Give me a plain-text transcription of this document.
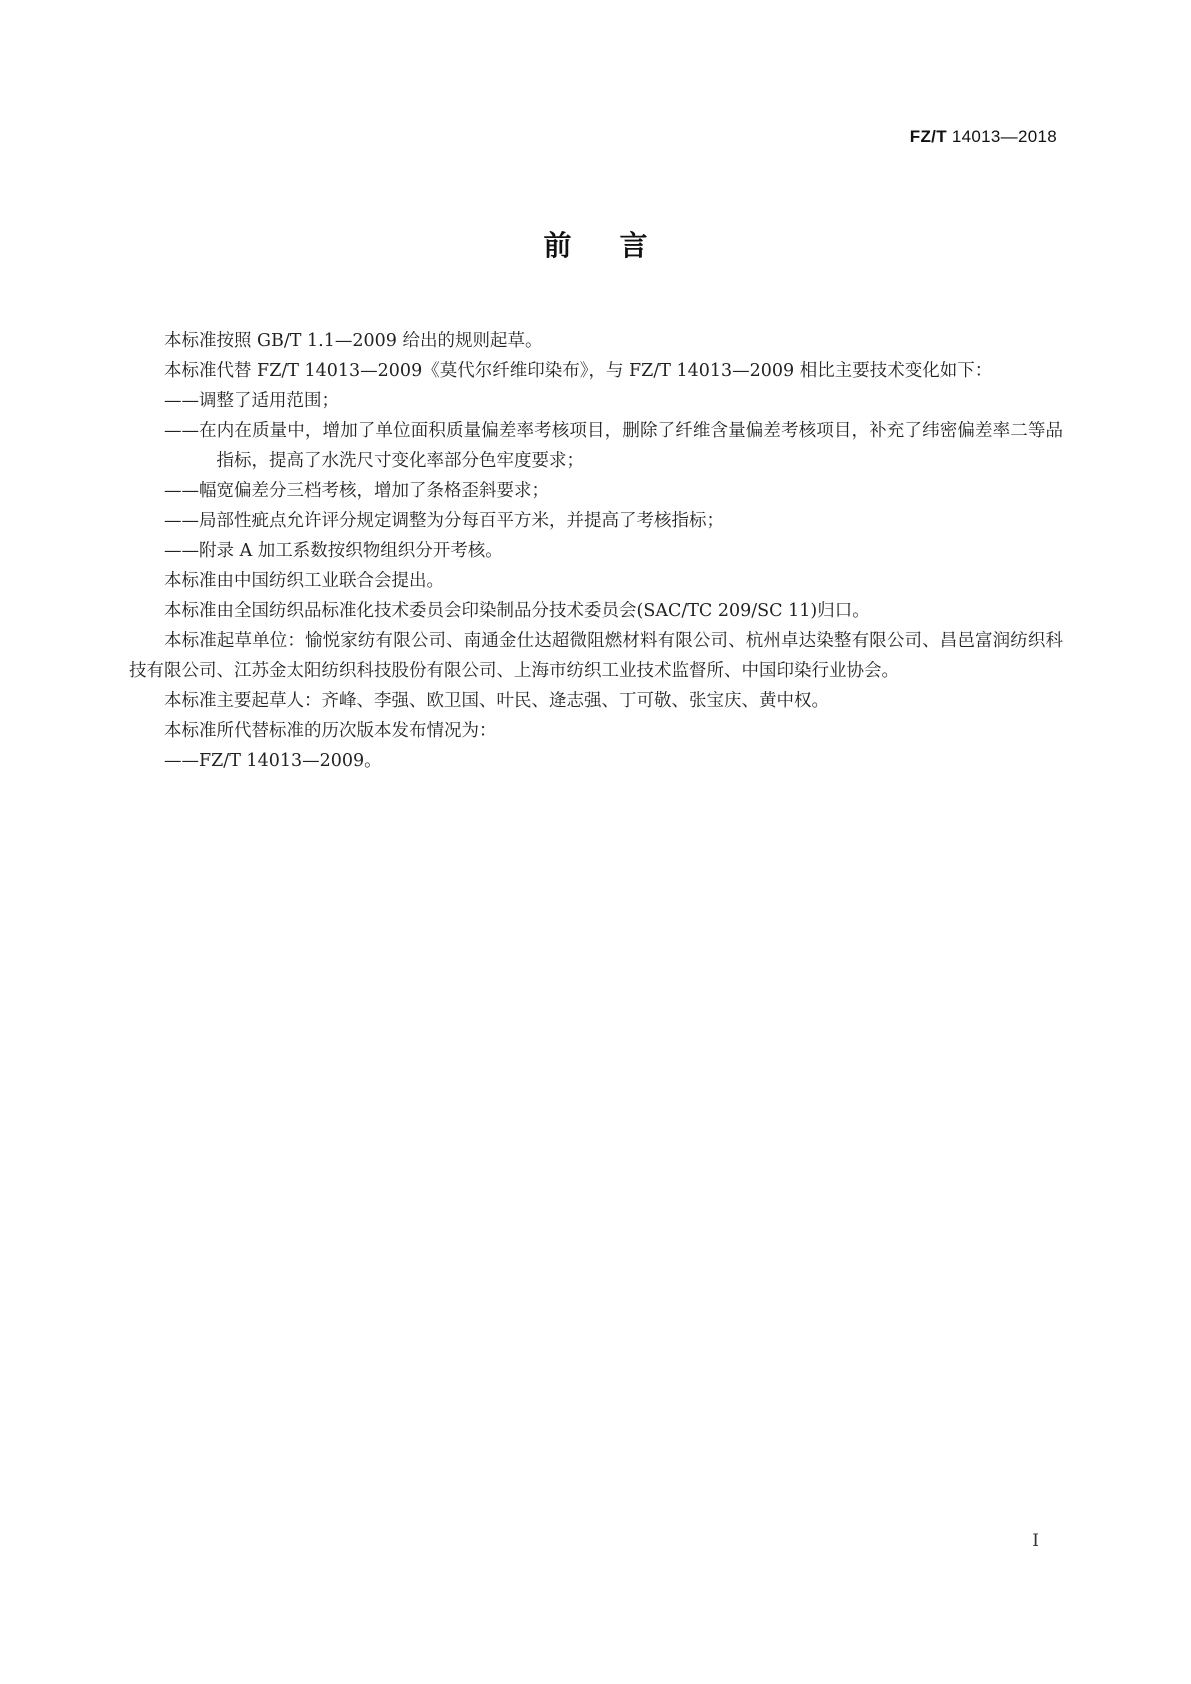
FZ/T 14013—2018
前言

本标准按照 GB/T 1.1—2009 给出的规则起草。

本标准代替 FZ/T 14013—2009《莫代尔纤维印染布》，与 FZ/T 14013—2009 相比主要技术变化如下：

——调整了适用范围；

——在内在质量中，增加了单位面积质量偏差率考核项目，删除了纤维含量偏差考核项目，补充了纬密偏差率二等品指标，提高了水洗尺寸变化率部分色牢度要求；

——幅宽偏差分三档考核，增加了条格歪斜要求；

——局部性疵点允许评分规定调整为分每百平方米，并提高了考核指标；

——附录 A 加工系数按织物组织分开考核。

本标准由中国纺织工业联合会提出。

本标准由全国纺织品标准化技术委员会印染制品分技术委员会(SAC/TC 209/SC 11)归口。

本标准起草单位：愉悦家纺有限公司、南通金仕达超微阻燃材料有限公司、杭州卓达染整有限公司、昌邑富润纺织科技有限公司、江苏金太阳纺织科技股份有限公司、上海市纺织工业技术监督所、中国印染行业协会。

本标准主要起草人：齐峰、李强、欧卫国、叶民、逄志强、丁可敬、张宝庆、黄中权。

本标准所代替标准的历次版本发布情况为：

——FZ/T 14013—2009。

I
